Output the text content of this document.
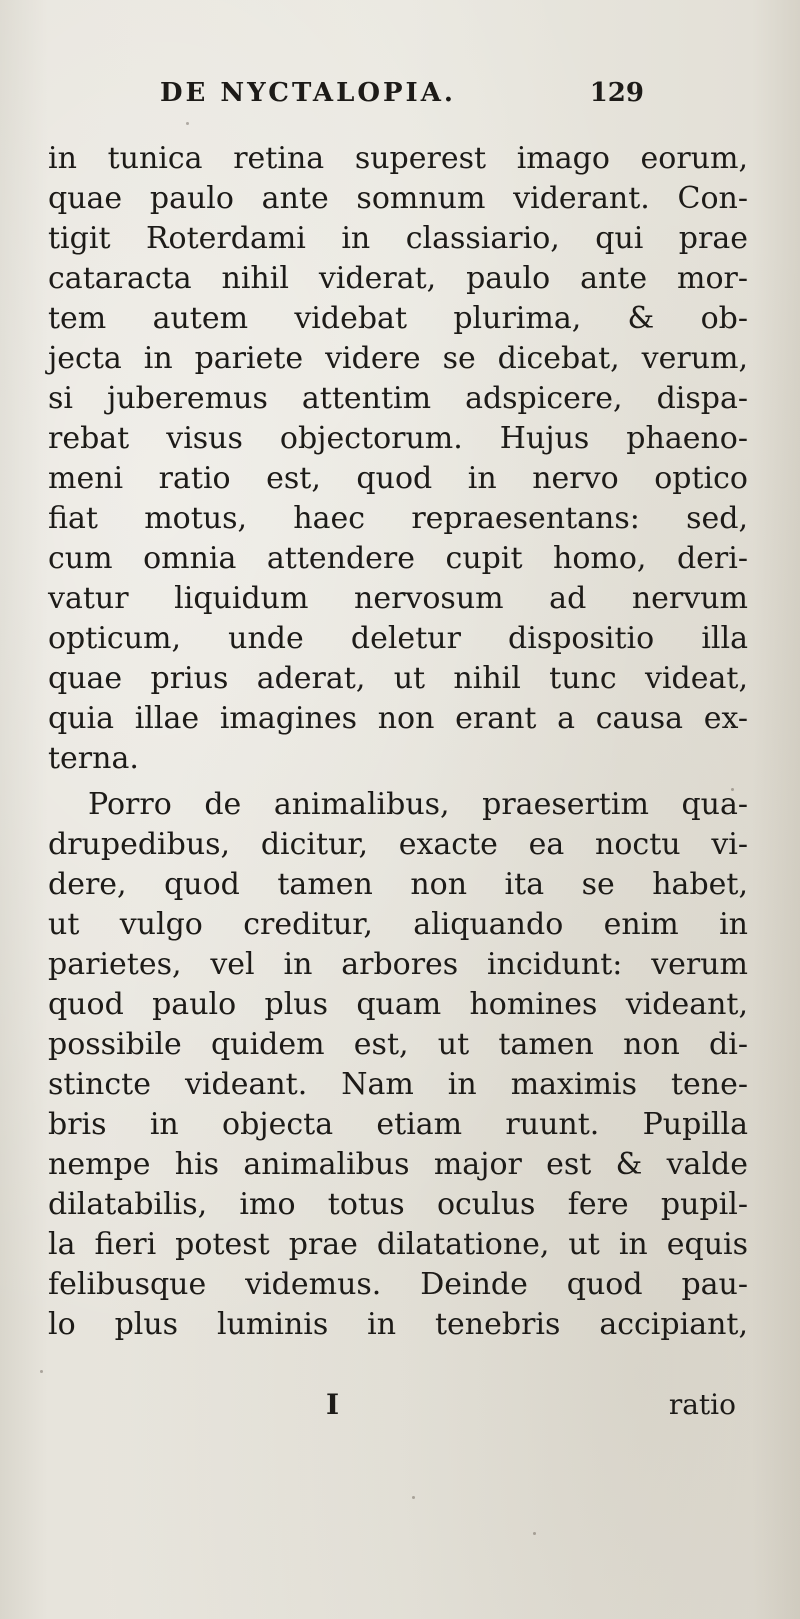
DE NYCTALOPIA.	129
in tunica retina superest imago eorum,
quae paulo ante somnum viderant. Con-
tigit Roterdami in classiario, qui prae
cataracta nihil viderat, paulo ante mor-
tem autem videbat plurima, & ob-
jecta in pariete videre se dicebat, verum,
si juberemus attentim adspicere, dispa-
rebat visus objectorum. Hujus phaeno-
meni ratio est, quod in nervo optico
fiat motus, haec repraesentans: sed,
cum omnia attendere cupit homo, deri-
vatur liquidum nervosum ad nervum
opticum, unde deletur dispositio illa
quae prius aderat, ut nihil tunc videat,
quia illae imagines non erant a causa ex-
terna.
Porro de animalibus, praesertim qua-
drupedibus, dicitur, exacte ea noctu vi-
dere, quod tamen non ita se habet,
ut vulgo creditur, aliquando enim in
parietes, vel in arbores incidunt: verum
quod paulo plus quam homines videant,
possibile quidem est, ut tamen non di-
stincte videant. Nam in maximis tene-
bris in objecta etiam ruunt. Pupilla
nempe his animalibus major est & valde
dilatabilis, imo totus oculus fere pupil-
la fieri potest prae dilatatione, ut in equis
felibusque videmus. Deinde quod pau-
lo plus luminis in tenebris accipiant,
I	ratio
